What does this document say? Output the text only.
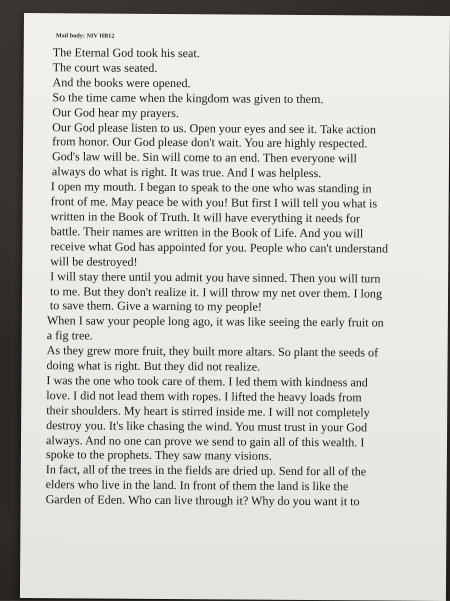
Mail body: NIV HB12
The Eternal God took his seat.
The court was seated.
And the books were opened.
So the time came when the kingdom was given to them.
Our God hear my prayers.
Our God please listen to us. Open your eyes and see it. Take action
from honor. Our God please don't wait. You are highly respected.
God's law will be. Sin will come to an end. Then everyone will
always do what is right. It was true. And I was helpless.
I open my mouth. I began to speak to the one who was standing in
front of me. May peace be with you! But first I will tell you what is
written in the Book of Truth. It will have everything it needs for
battle. Their names are written in the Book of Life. And you will
receive what God has appointed for you. People who can't understand
will be destroyed!
I will stay there until you admit you have sinned. Then you will turn
to me. But they don't realize it. I will throw my net over them. I long
to save them. Give a warning to my people!
When I saw your people long ago, it was like seeing the early fruit on
a fig tree.
As they grew more fruit, they built more altars. So plant the seeds of
doing what is right. But they did not realize.
I was the one who took care of them. I led them with kindness and
love. I did not lead them with ropes. I lifted the heavy loads from
their shoulders. My heart is stirred inside me. I will not completely
destroy you. It's like chasing the wind. You must trust in your God
always. And no one can prove we send to gain all of this wealth. I
spoke to the prophets. They saw many visions.
In fact, all of the trees in the fields are dried up. Send for all of the
elders who live in the land. In front of them the land is like the
Garden of Eden. Who can live through it? Why do you want it to
